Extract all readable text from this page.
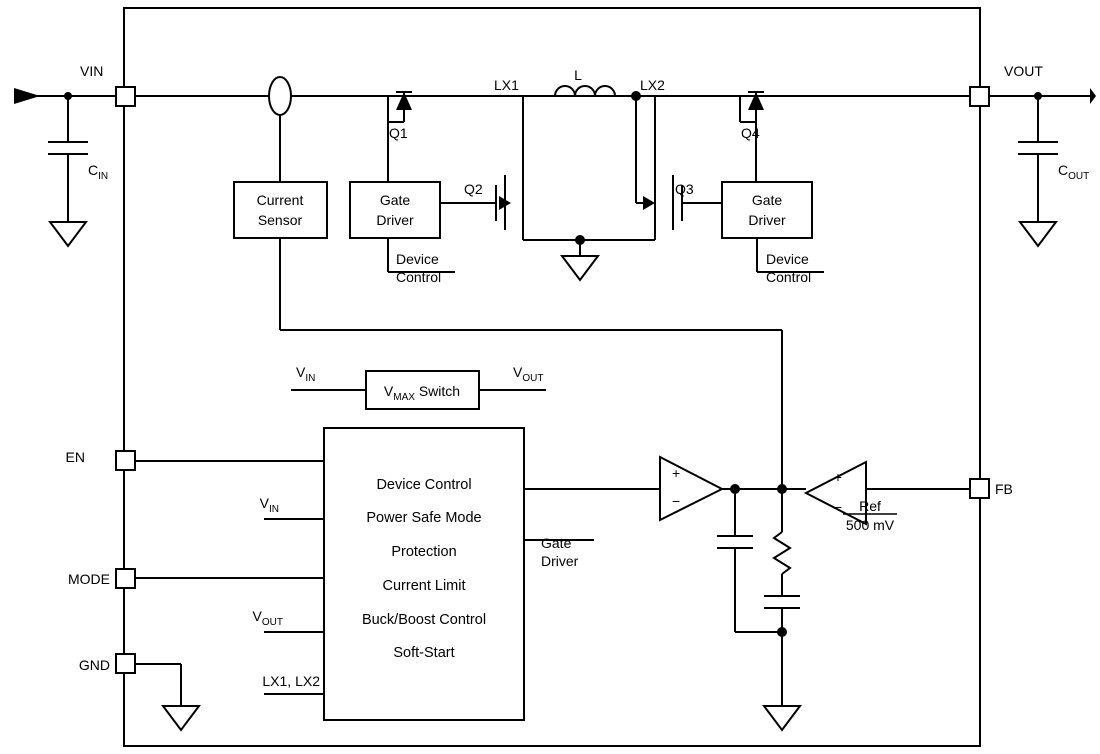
VIN	VOUT
EN
MODE
GND
FB
$C_{IN}$	$C_{OUT}$
Q1	Q4
Q2	Q3
LX1	LX2
L
Current
Sensor
Gate
Driver
Gate
Driver
Device
Control
Device
Control
$V_{MAX}$ Switch
$V_{IN}$	$V_{OUT}$
$V_{IN}$
$V_{OUT}$
LX1, LX2
Device Control
Power Safe Mode
Protection
Current Limit
Buck/Boost Control
Soft-Start
Gate
Driver
+
−
+
− Ref
500 mV
